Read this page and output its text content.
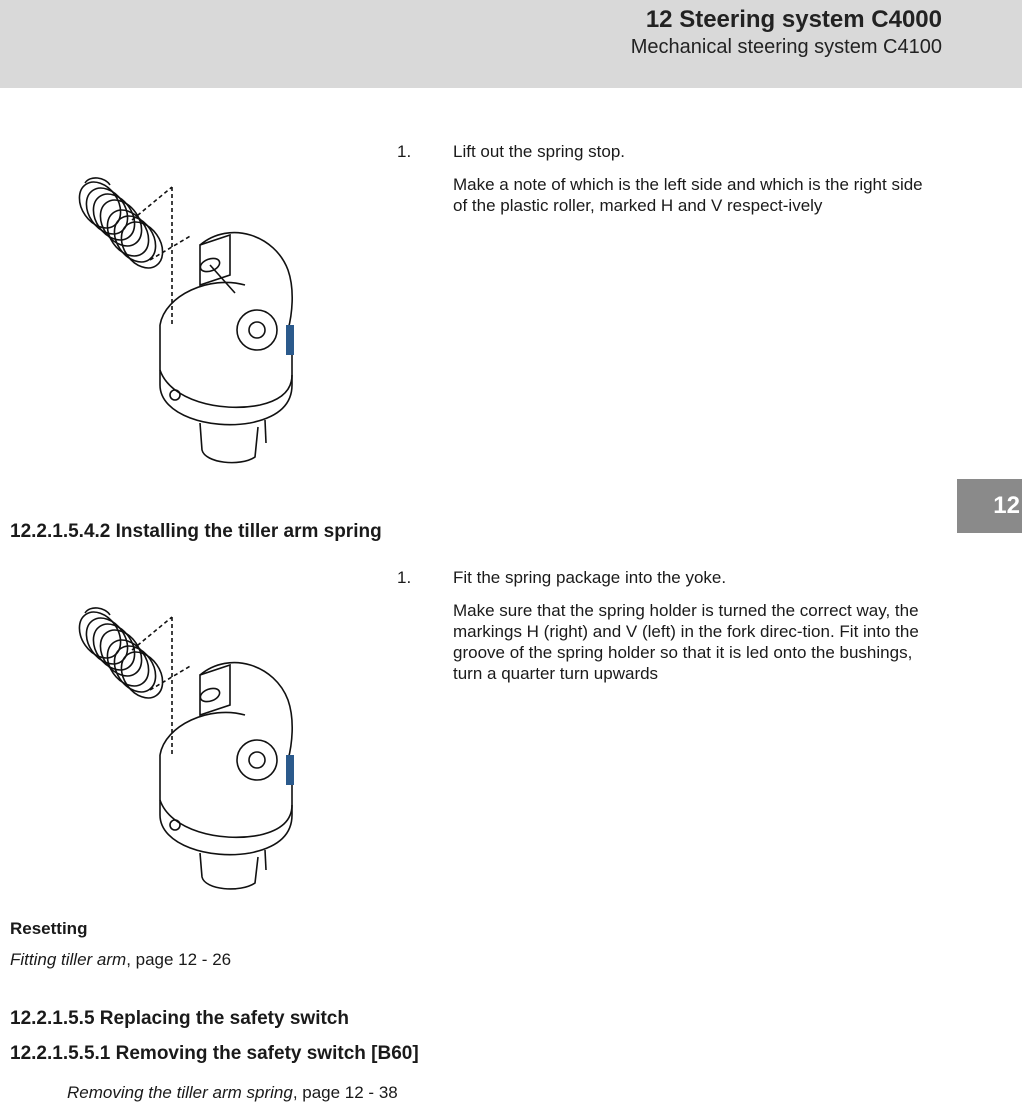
12 Steering system C4000
Mechanical steering system C4100
12
1. Lift out the spring stop.
Make a note of which is the left side and which is the right side of the plastic roller, marked H and V respect-ively
12.2.1.5.4.2 Installing the tiller arm spring
1. Fit the spring package into the yoke.
Make sure that the spring holder is turned the correct way, the markings H (right) and V (left) in the fork direc-tion. Fit into the groove of the spring holder so that it is led onto the bushings, turn a quarter turn upwards
Resetting
Fitting tiller arm, page 12 - 26
12.2.1.5.5 Replacing the safety switch
12.2.1.5.5.1 Removing the safety switch [B60]
Removing the tiller arm spring, page 12 - 38
